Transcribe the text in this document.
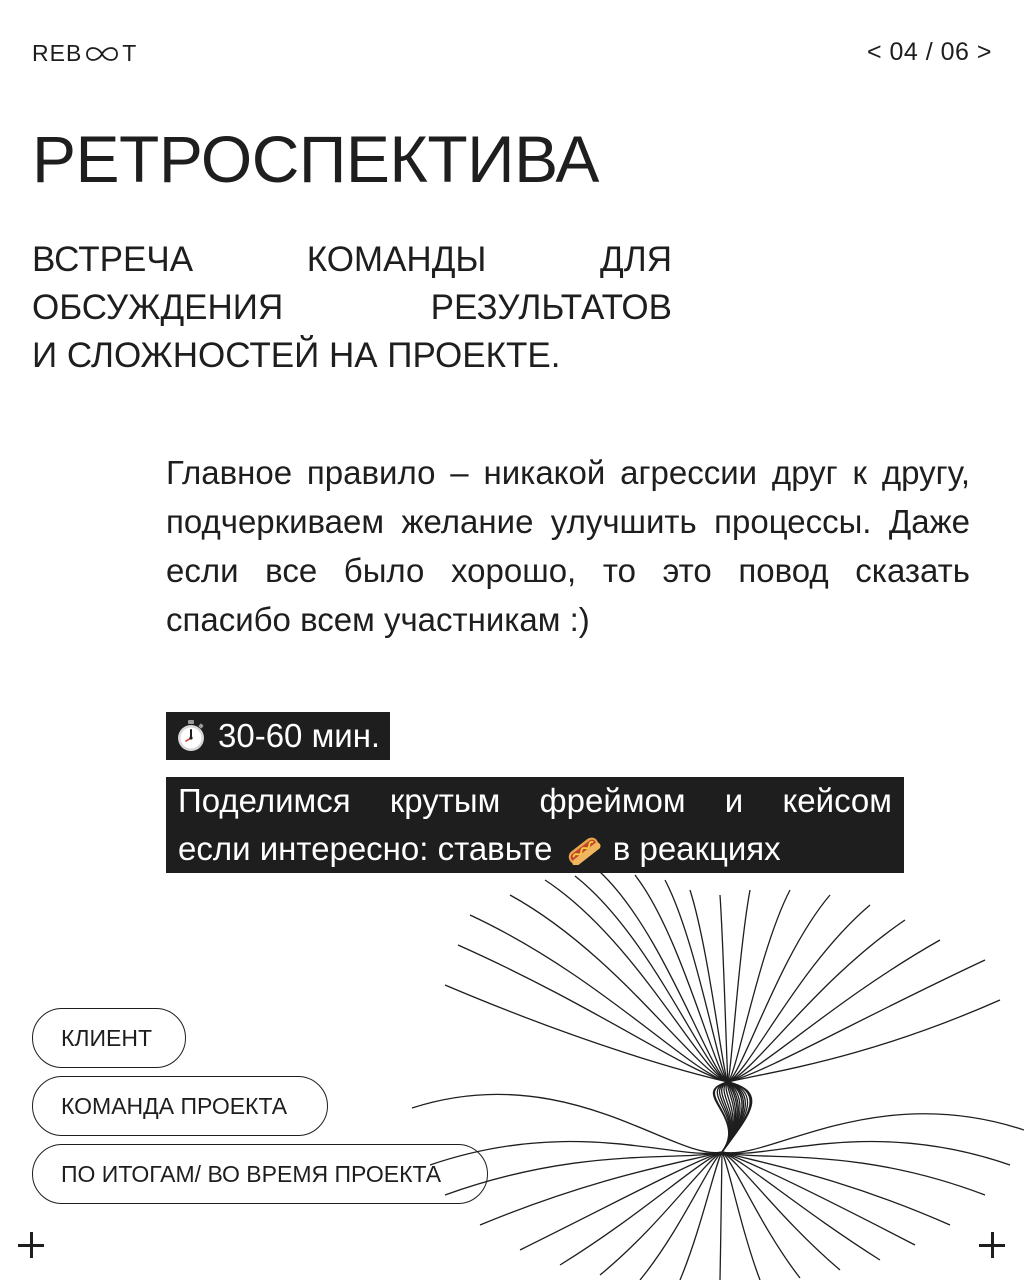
REB T	< 04 / 06 >
РЕТРОСПЕКТИВА
ВСТРЕЧА	КОМАНДЫ	ДЛЯ
ОБСУЖДЕНИЯ	РЕЗУЛЬТАТОВ
И СЛОЖНОСТЕЙ НА ПРОЕКТЕ.

Главное правило – никакой агрессии друг к другу, подчеркиваем желание улучшить процессы. Даже если все было хорошо, то это повод сказать спасибо всем участникам :)

30-60 мин.
Поделимся крутым фреймом и кейсом
если интересно: ставьте в реакциях
КЛИЕНТ
КОМАНДА ПРОЕКТА
ПО ИТОГАМ/ ВО ВРЕМЯ ПРОЕКТА
